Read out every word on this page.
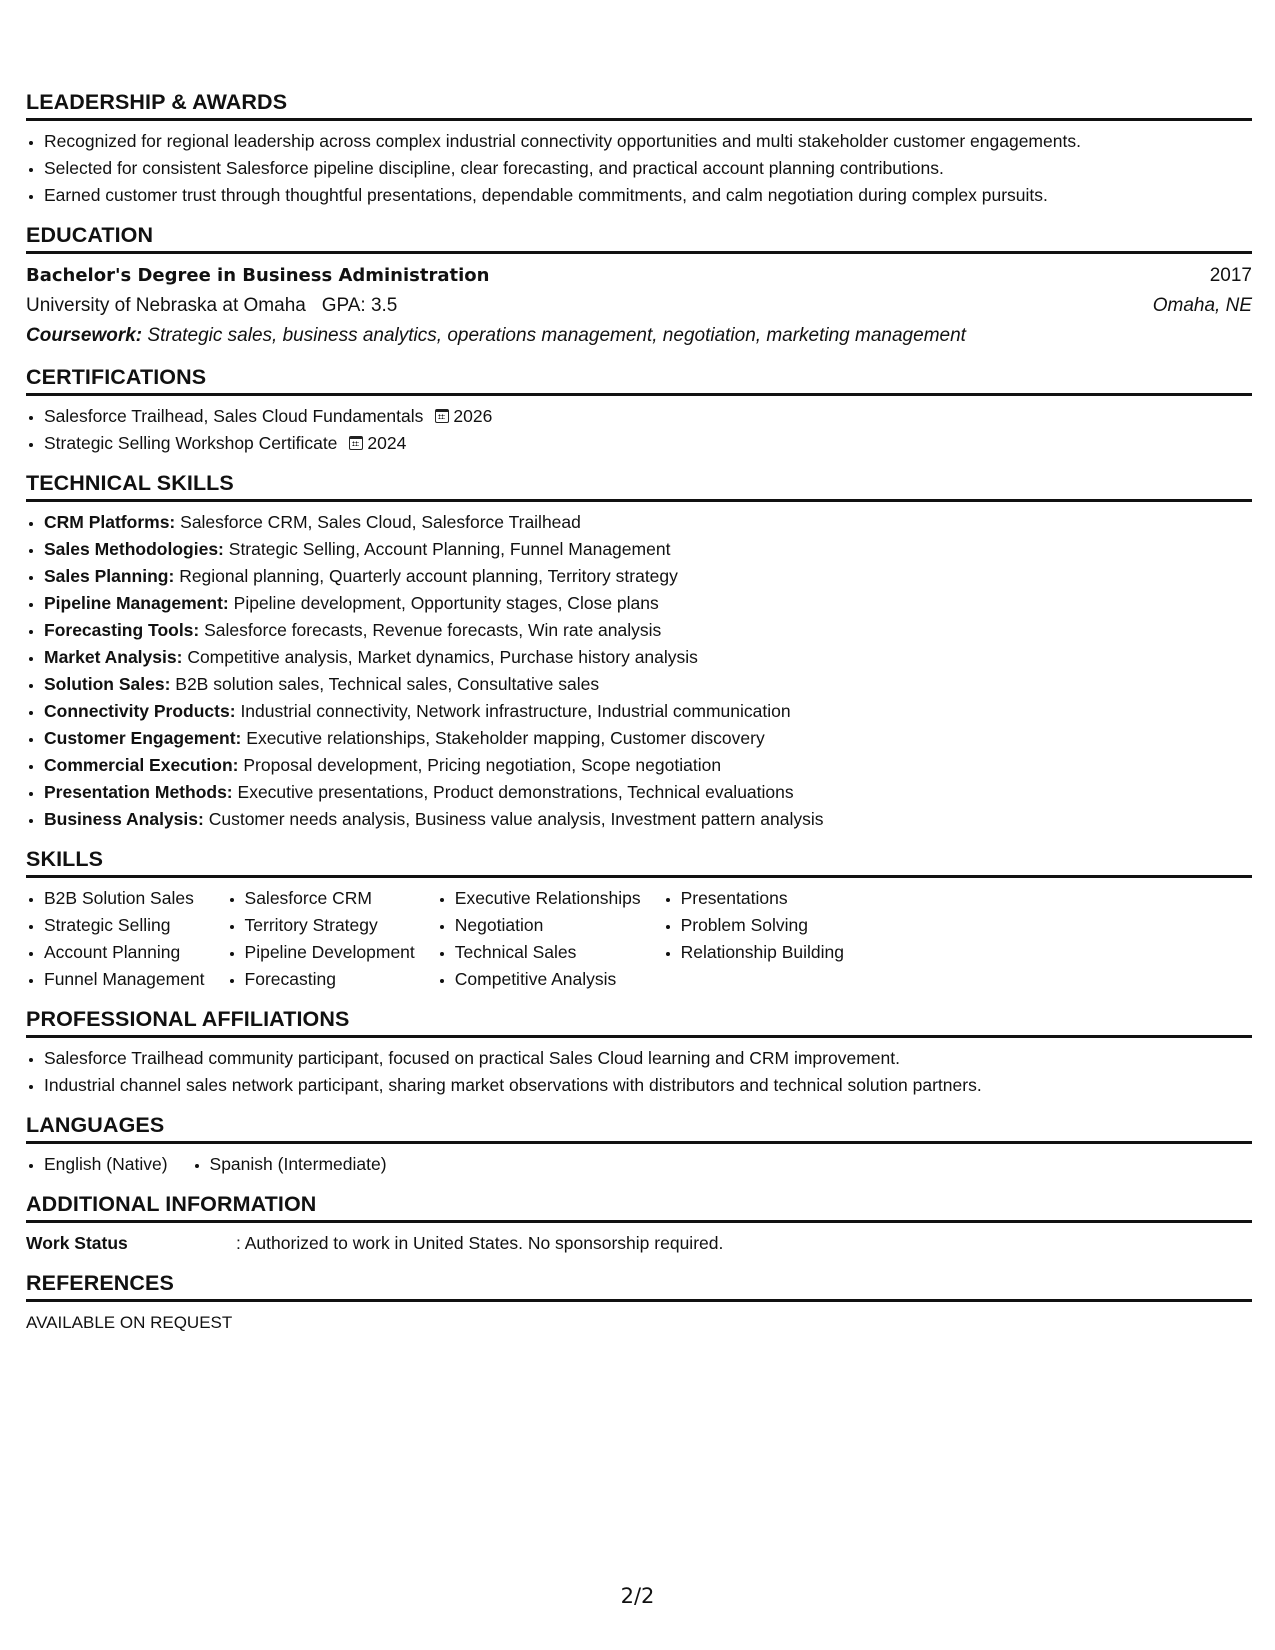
LEADERSHIP & AWARDS
• Recognized for regional leadership across complex industrial connectivity opportunities and multi stakeholder customer engagements.
• Selected for consistent Salesforce pipeline discipline, clear forecasting, and practical account planning contributions.
• Earned customer trust through thoughtful presentations, dependable commitments, and calm negotiation during complex pursuits.
EDUCATION
Bachelor's Degree in Business Administration	2017
University of Nebraska at Omaha GPA: 3.5	Omaha, NE
Coursework: Strategic sales, business analytics, operations management, negotiation, marketing management
CERTIFICATIONS
• Salesforce Trailhead, Sales Cloud Fundamentals 2026
• Strategic Selling Workshop Certificate 2024
TECHNICAL SKILLS
• CRM Platforms: Salesforce CRM, Sales Cloud, Salesforce Trailhead
• Sales Methodologies: Strategic Selling, Account Planning, Funnel Management
• Sales Planning: Regional planning, Quarterly account planning, Territory strategy
• Pipeline Management: Pipeline development, Opportunity stages, Close plans
• Forecasting Tools: Salesforce forecasts, Revenue forecasts, Win rate analysis
• Market Analysis: Competitive analysis, Market dynamics, Purchase history analysis
• Solution Sales: B2B solution sales, Technical sales, Consultative sales
• Connectivity Products: Industrial connectivity, Network infrastructure, Industrial communication
• Customer Engagement: Executive relationships, Stakeholder mapping, Customer discovery
• Commercial Execution: Proposal development, Pricing negotiation, Scope negotiation
• Presentation Methods: Executive presentations, Product demonstrations, Technical evaluations
• Business Analysis: Customer needs analysis, Business value analysis, Investment pattern analysis
SKILLS
• B2B Solution Sales
• Strategic Selling
• Account Planning
• Funnel Management
• Salesforce CRM
• Territory Strategy
• Pipeline Development
• Forecasting
• Executive Relationships
• Negotiation
• Technical Sales
• Competitive Analysis
• Presentations
• Problem Solving
• Relationship Building
PROFESSIONAL AFFILIATIONS
• Salesforce Trailhead community participant, focused on practical Sales Cloud learning and CRM improvement.
• Industrial channel sales network participant, sharing market observations with distributors and technical solution partners.
LANGUAGES
• English (Native)
• Spanish (Intermediate)
ADDITIONAL INFORMATION
Work Status	: Authorized to work in United States. No sponsorship required.
REFERENCES
AVAILABLE ON REQUEST
2/2
